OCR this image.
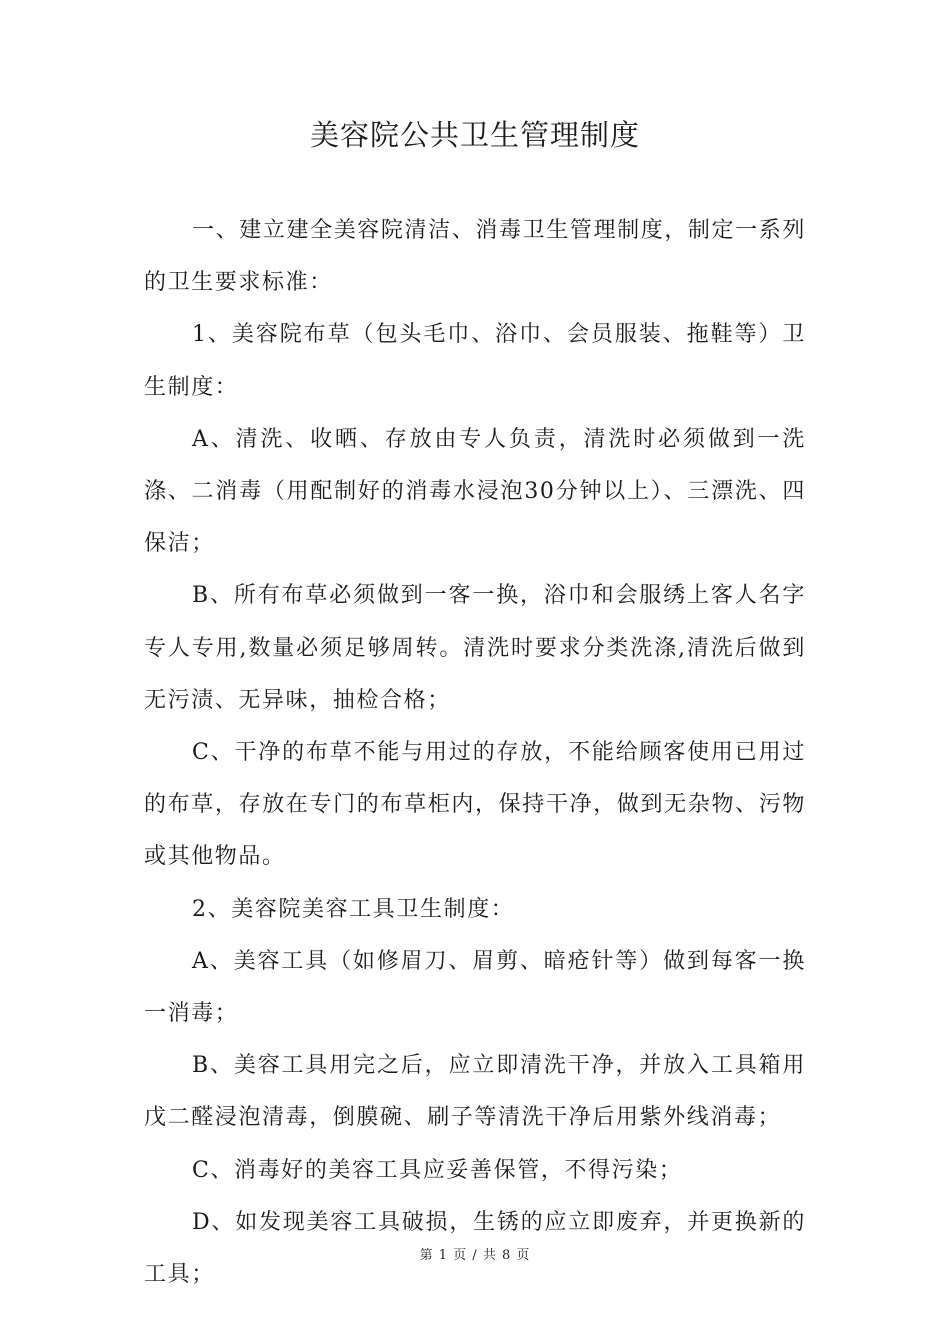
美容院公共卫生管理制度

一、建立建全美容院清洁、消毒卫生管理制度，制定一系列的卫生要求标准：

1、美容院布草（包头毛巾、浴巾、会员服装、拖鞋等）卫生制度：

A、清洗、收晒、存放由专人负责，清洗时必须做到一洗涤、二消毒（用配制好的消毒水浸泡30分钟以上）、三漂洗、四保洁；

B、所有布草必须做到一客一换，浴巾和会服绣上客人名字专人专用,数量必须足够周转。清洗时要求分类洗涤,清洗后做到无污渍、无异味，抽检合格；

C、干净的布草不能与用过的存放，不能给顾客使用已用过的布草，存放在专门的布草柜内，保持干净，做到无杂物、污物或其他物品。

2、美容院美容工具卫生制度：

A、美容工具（如修眉刀、眉剪、暗疮针等）做到每客一换一消毒；

B、美容工具用完之后，应立即清洗干净，并放入工具箱用戊二醛浸泡清毒，倒膜碗、刷子等清洗干净后用紫外线消毒；

C、消毒好的美容工具应妥善保管，不得污染；

D、如发现美容工具破损，生锈的应立即废弃，并更换新的工具；

第 1 页 / 共 8 页
